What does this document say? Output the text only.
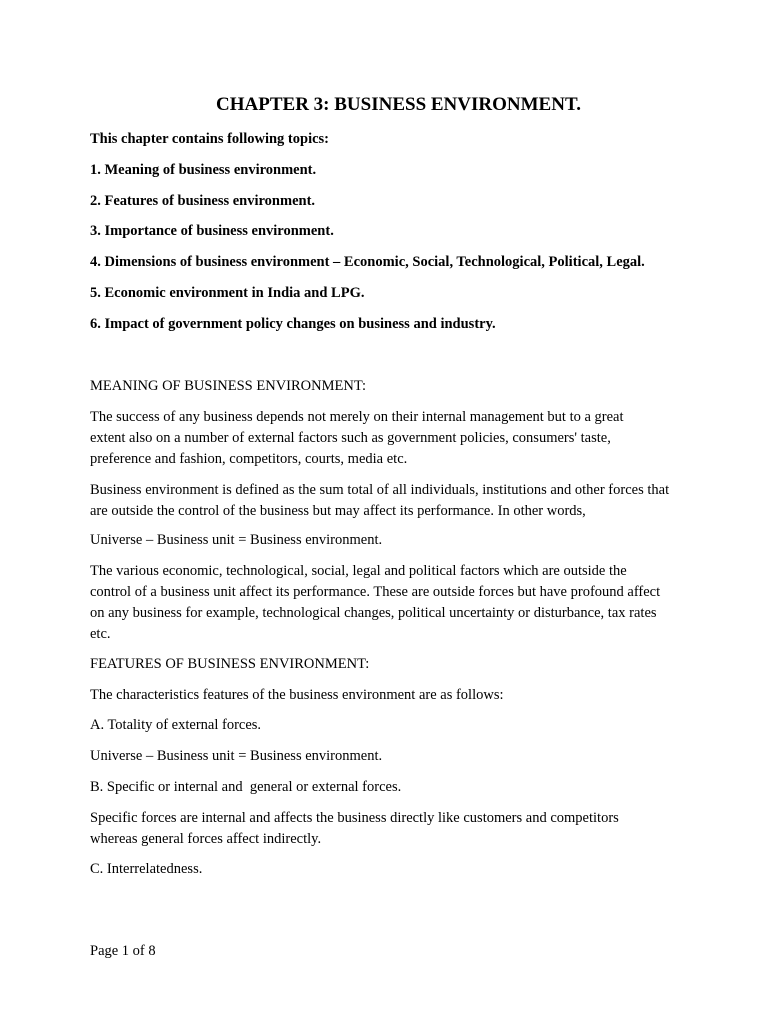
CHAPTER 3: BUSINESS ENVIRONMENT.

This chapter contains following topics:

1. Meaning of business environment.

2. Features of business environment.

3. Importance of business environment.

4. Dimensions of business environment – Economic, Social, Technological, Political, Legal.

5. Economic environment in India and LPG.

6. Impact of government policy changes on business and industry.

MEANING OF BUSINESS ENVIRONMENT:

The success of any business depends not merely on their internal management but to a great extent also on a number of external factors such as government policies, consumers' taste, preference and fashion, competitors, courts, media etc.

Business environment is defined as the sum total of all individuals, institutions and other forces that are outside the control of the business but may affect its performance. In other words,

Universe – Business unit = Business environment.

The various economic, technological, social, legal and political factors which are outside the control of a business unit affect its performance. These are outside forces but have profound affect on any business for example, technological changes, political uncertainty or disturbance, tax rates etc.

FEATURES OF BUSINESS ENVIRONMENT:

The characteristics features of the business environment are as follows:

A. Totality of external forces.

Universe – Business unit = Business environment.

B. Specific or internal and  general or external forces.

Specific forces are internal and affects the business directly like customers and competitors whereas general forces affect indirectly.

C. Interrelatedness.

Page 1 of 8
